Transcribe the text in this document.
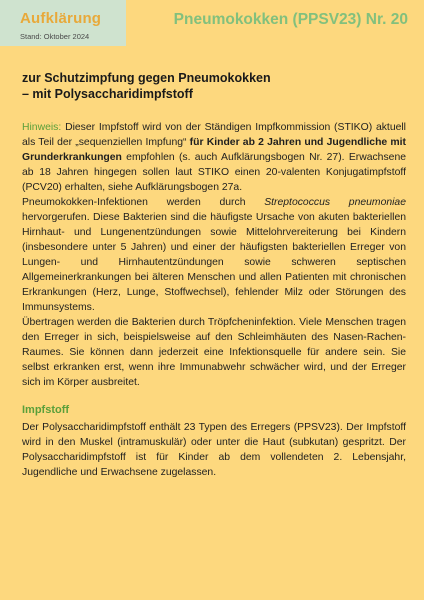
Aufklärung
Stand: Oktober 2024
Pneumokokken (PPSV23) Nr. 20
zur Schutzimpfung gegen Pneumokokken
– mit Polysaccharidimpfstoff

Hinweis: Dieser Impfstoff wird von der Ständigen Impfkommission (STIKO) aktuell als Teil der „sequenziellen Impfung“ für Kinder ab 2 Jahren und Jugendliche mit Grunderkrankungen empfohlen (s. auch Aufklärungsbogen Nr. 27). Erwachsene ab 18 Jahren hingegen sollen laut STIKO einen 20-valenten Konjugatimpfstoff (PCV20) erhalten, siehe Aufklärungsbogen 27a.

Pneumokokken-Infektionen werden durch Streptococcus pneumoniae hervorgerufen. Diese Bakterien sind die häufigste Ursache von akuten bakteriellen Hirnhaut- und Lungenentzündungen sowie Mittelohrvereiterung bei Kindern (insbesondere unter 5 Jahren) und einer der häufigsten bakteriellen Erreger von Lungen- und Hirnhautentzündungen sowie schweren septischen Allgemeinerkrankungen bei älteren Menschen und allen Patienten mit chronischen Erkrankungen (Herz, Lunge, Stoffwechsel), fehlender Milz oder Störungen des Immunsystems.

Übertragen werden die Bakterien durch Tröpfcheninfektion. Viele Menschen tragen den Erreger in sich, beispielsweise auf den Schleimhäuten des Nasen-Rachen-Raumes. Sie können dann jederzeit eine Infektionsquelle für andere sein. Sie selbst erkranken erst, wenn ihre Immunabwehr schwächer wird, und der Erreger sich im Körper ausbreitet.

Impfstoff

Der Polysaccharidimpfstoff enthält 23 Typen des Erregers (PPSV23). Der Impfstoff wird in den Muskel (intramuskulär) oder unter die Haut (subkutan) gespritzt. Der Polysaccharidimpfstoff ist für Kinder ab dem vollendeten 2. Lebensjahr, Jugendliche und Erwachsene zugelassen.
